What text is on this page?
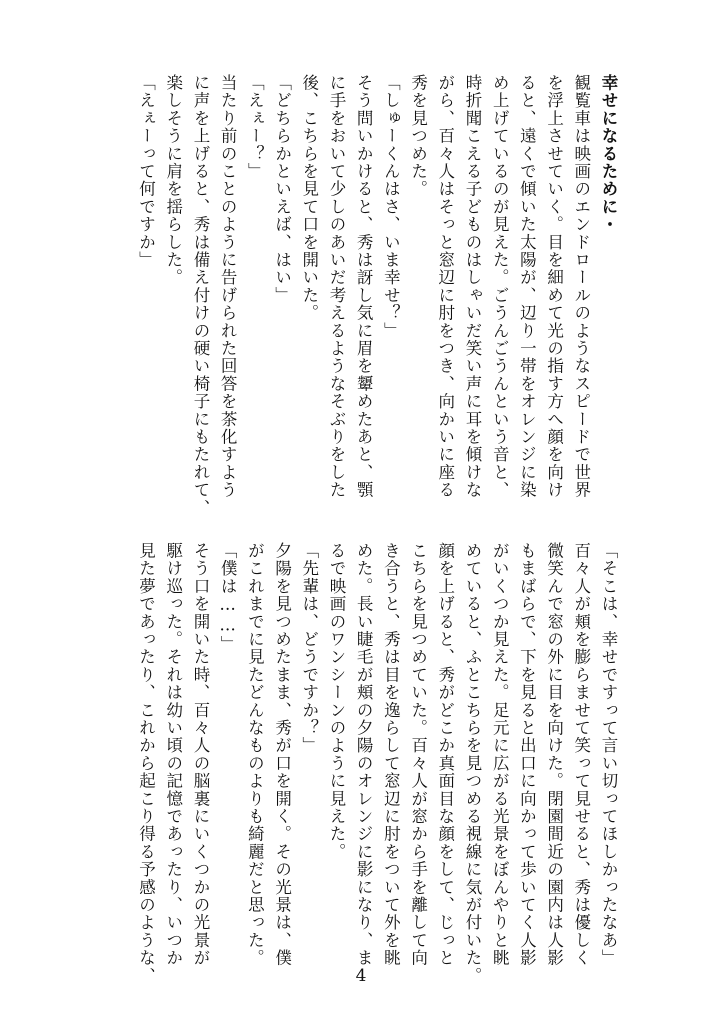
幸せになるために・

観覧車は映画のエンドロールのようなスピードで世界

を浮上させていく。目を細めて光の指す方へ顔を向け

ると、遠くで傾いた太陽が、辺り一帯をオレンジに染

め上げているのが見えた。ごうんごうんという音と、

時折聞こえる子どものはしゃいだ笑い声に耳を傾けな

がら、百々人はそっと窓辺に肘をつき、向かいに座る

秀を見つめた。

「しゅーくんはさ、いま幸せ？」

そう問いかけると、秀は訝し気に眉を顰めたあと、顎

に手をおいて少しのあいだ考えるようなそぶりをした

後、こちらを見て口を開いた。

「どちらかといえば、はい」

「えぇー？」

当たり前のことのように告げられた回答を茶化すよう

に声を上げると、秀は備え付けの硬い椅子にもたれて、

楽しそうに肩を揺らした。

「えぇーって何ですか」

「そこは、幸せですって言い切ってほしかったなあ」

百々人が頬を膨らませて笑って見せると、秀は優しく

微笑んで窓の外に目を向けた。閉園間近の園内は人影

もまばらで、下を見ると出口に向かって歩いてく人影

がいくつか見えた。足元に広がる光景をぼんやりと眺

めていると、ふとこちらを見つめる視線に気が付いた。

顔を上げると、秀がどこか真面目な顔をして、じっと

こちらを見つめていた。百々人が窓から手を離して向

き合うと、秀は目を逸らして窓辺に肘をついて外を眺

めた。長い睫毛が頬の夕陽のオレンジに影になり、ま

るで映画のワンシーンのように見えた。

「先輩は、どうですか？」

夕陽を見つめたまま、秀が口を開く。その光景は、僕

がこれまでに見たどんなものよりも綺麗だと思った。

「僕は……」

そう口を開いた時、百々人の脳裏にいくつかの光景が

駆け巡った。それは幼い頃の記憶であったり、いつか

見た夢であったり、これから起こり得る予感のような、	4
